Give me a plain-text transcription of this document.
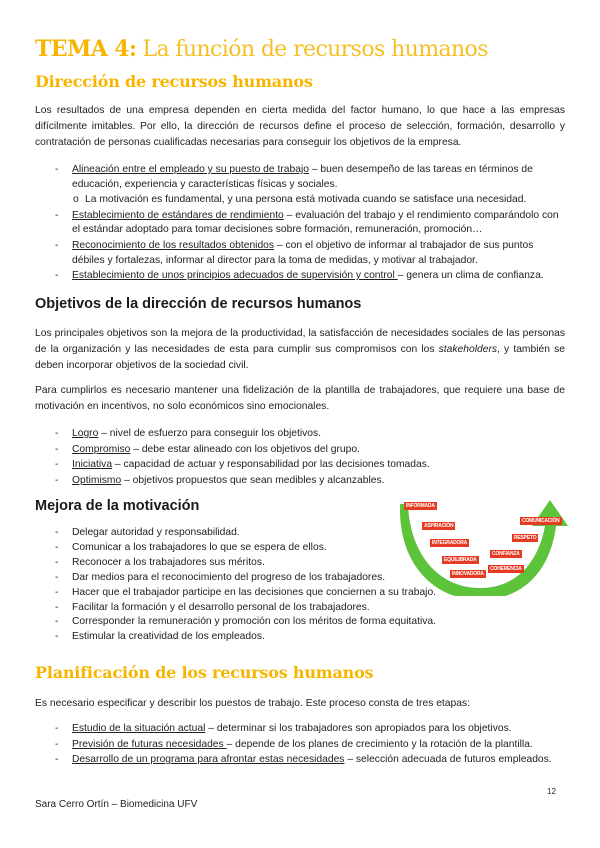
TEMA 4: La función de recursos humanos
Dirección de recursos humanos

Los resultados de una empresa dependen en cierta medida del factor humano, lo que hace a las empresas difícilmente imitables. Por ello, la dirección de recursos define el proceso de selección, formación, desarrollo y contratación de personas cualificadas necesarias para conseguir los objetivos de la empresa.

- Alineación entre el empleado y su puesto de trabajo – buen desempeño de las tareas en términos de educación, experiencia y características físicas y sociales.
o La motivación es fundamental, y una persona está motivada cuando se satisface una necesidad.
- Establecimiento de estándares de rendimiento – evaluación del trabajo y el rendimiento comparándolo con el estándar adoptado para tomar decisiones sobre formación, remuneración, promoción…
- Reconocimiento de los resultados obtenidos – con el objetivo de informar al trabajador de sus puntos débiles y fortalezas, informar al director para la toma de medidas, y motivar al trabajador.
- Establecimiento de unos principios adecuados de supervisión y control – genera un clima de confianza.
Objetivos de la dirección de recursos humanos

Los principales objetivos son la mejora de la productividad, la satisfacción de necesidades sociales de las personas de la organización y las necesidades de esta para cumplir sus compromisos con los stakeholders, y también se deben incorporar objetivos de la sociedad civil.

Para cumplirlos es necesario mantener una fidelización de la plantilla de trabajadores, que requiere una base de motivación en incentivos, no solo económicos sino emocionales.

- Logro – nivel de esfuerzo para conseguir los objetivos.
- Compromiso – debe estar alineado con los objetivos del grupo.
- Iniciativa – capacidad de actuar y responsabilidad por las decisiones tomadas.
- Optimismo – objetivos propuestos que sean medibles y alcanzables.
Mejora de la motivación
- Delegar autoridad y responsabilidad.
- Comunicar a los trabajadores lo que se espera de ellos.
- Reconocer a los trabajadores sus méritos.
- Dar medios para el reconocimiento del progreso de los trabajadores.
- Hacer que el trabajador participe en las decisiones que conciernen a su trabajo.
- Facilitar la formación y el desarrollo personal de los trabajadores.
- Corresponder la remuneración y promoción con los méritos de forma equitativa.
- Estimular la creatividad de los empleados.
INFORMADA
ASPIRACIÓN
INTEGRADORA
EQUILIBRADA
INNOVADORA
COMUNICACIÓN
RESPETO
CONFIANZA
COHERENCIA
Planificación de los recursos humanos

Es necesario especificar y describir los puestos de trabajo. Este proceso consta de tres etapas:

- Estudio de la situación actual – determinar si los trabajadores son apropiados para los objetivos.
- Previsión de futuras necesidades – depende de los planes de crecimiento y la rotación de la plantilla.
- Desarrollo de un programa para afrontar estas necesidades – selección adecuada de futuros empleados.
12
Sara Cerro Ortín – Biomedicina UFV
